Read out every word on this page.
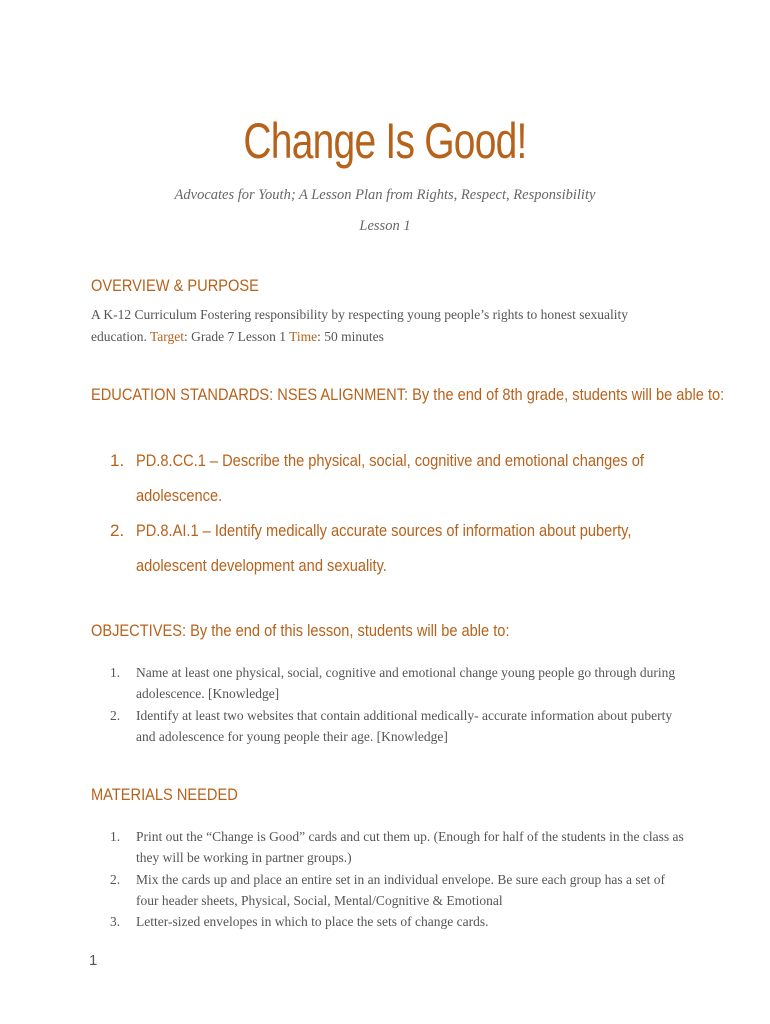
Change Is Good!
Advocates for Youth; A Lesson Plan from Rights, Respect, Responsibility
Lesson 1
OVERVIEW & PURPOSE
A K-12 Curriculum Fostering responsibility by respecting young people’s rights to honest sexuality education. Target: Grade 7 Lesson 1 Time: 50 minutes
EDUCATION STANDARDS: NSES ALIGNMENT: By the end of 8th grade, students will be able to:
1. PD.8.CC.1 – Describe the physical, social, cognitive and emotional changes of adolescence.
2. PD.8.AI.1 – Identify medically accurate sources of information about puberty, adolescent development and sexuality.
OBJECTIVES: By the end of this lesson, students will be able to:
1. Name at least one physical, social, cognitive and emotional change young people go through during adolescence. [Knowledge]
2. Identify at least two websites that contain additional medically- accurate information about puberty and adolescence for young people their age. [Knowledge]
MATERIALS NEEDED
1. Print out the “Change is Good” cards and cut them up. (Enough for half of the students in the class as they will be working in partner groups.)
2. Mix the cards up and place an entire set in an individual envelope. Be sure each group has a set of four header sheets, Physical, Social, Mental/Cognitive & Emotional
3. Letter-sized envelopes in which to place the sets of change cards.
1
